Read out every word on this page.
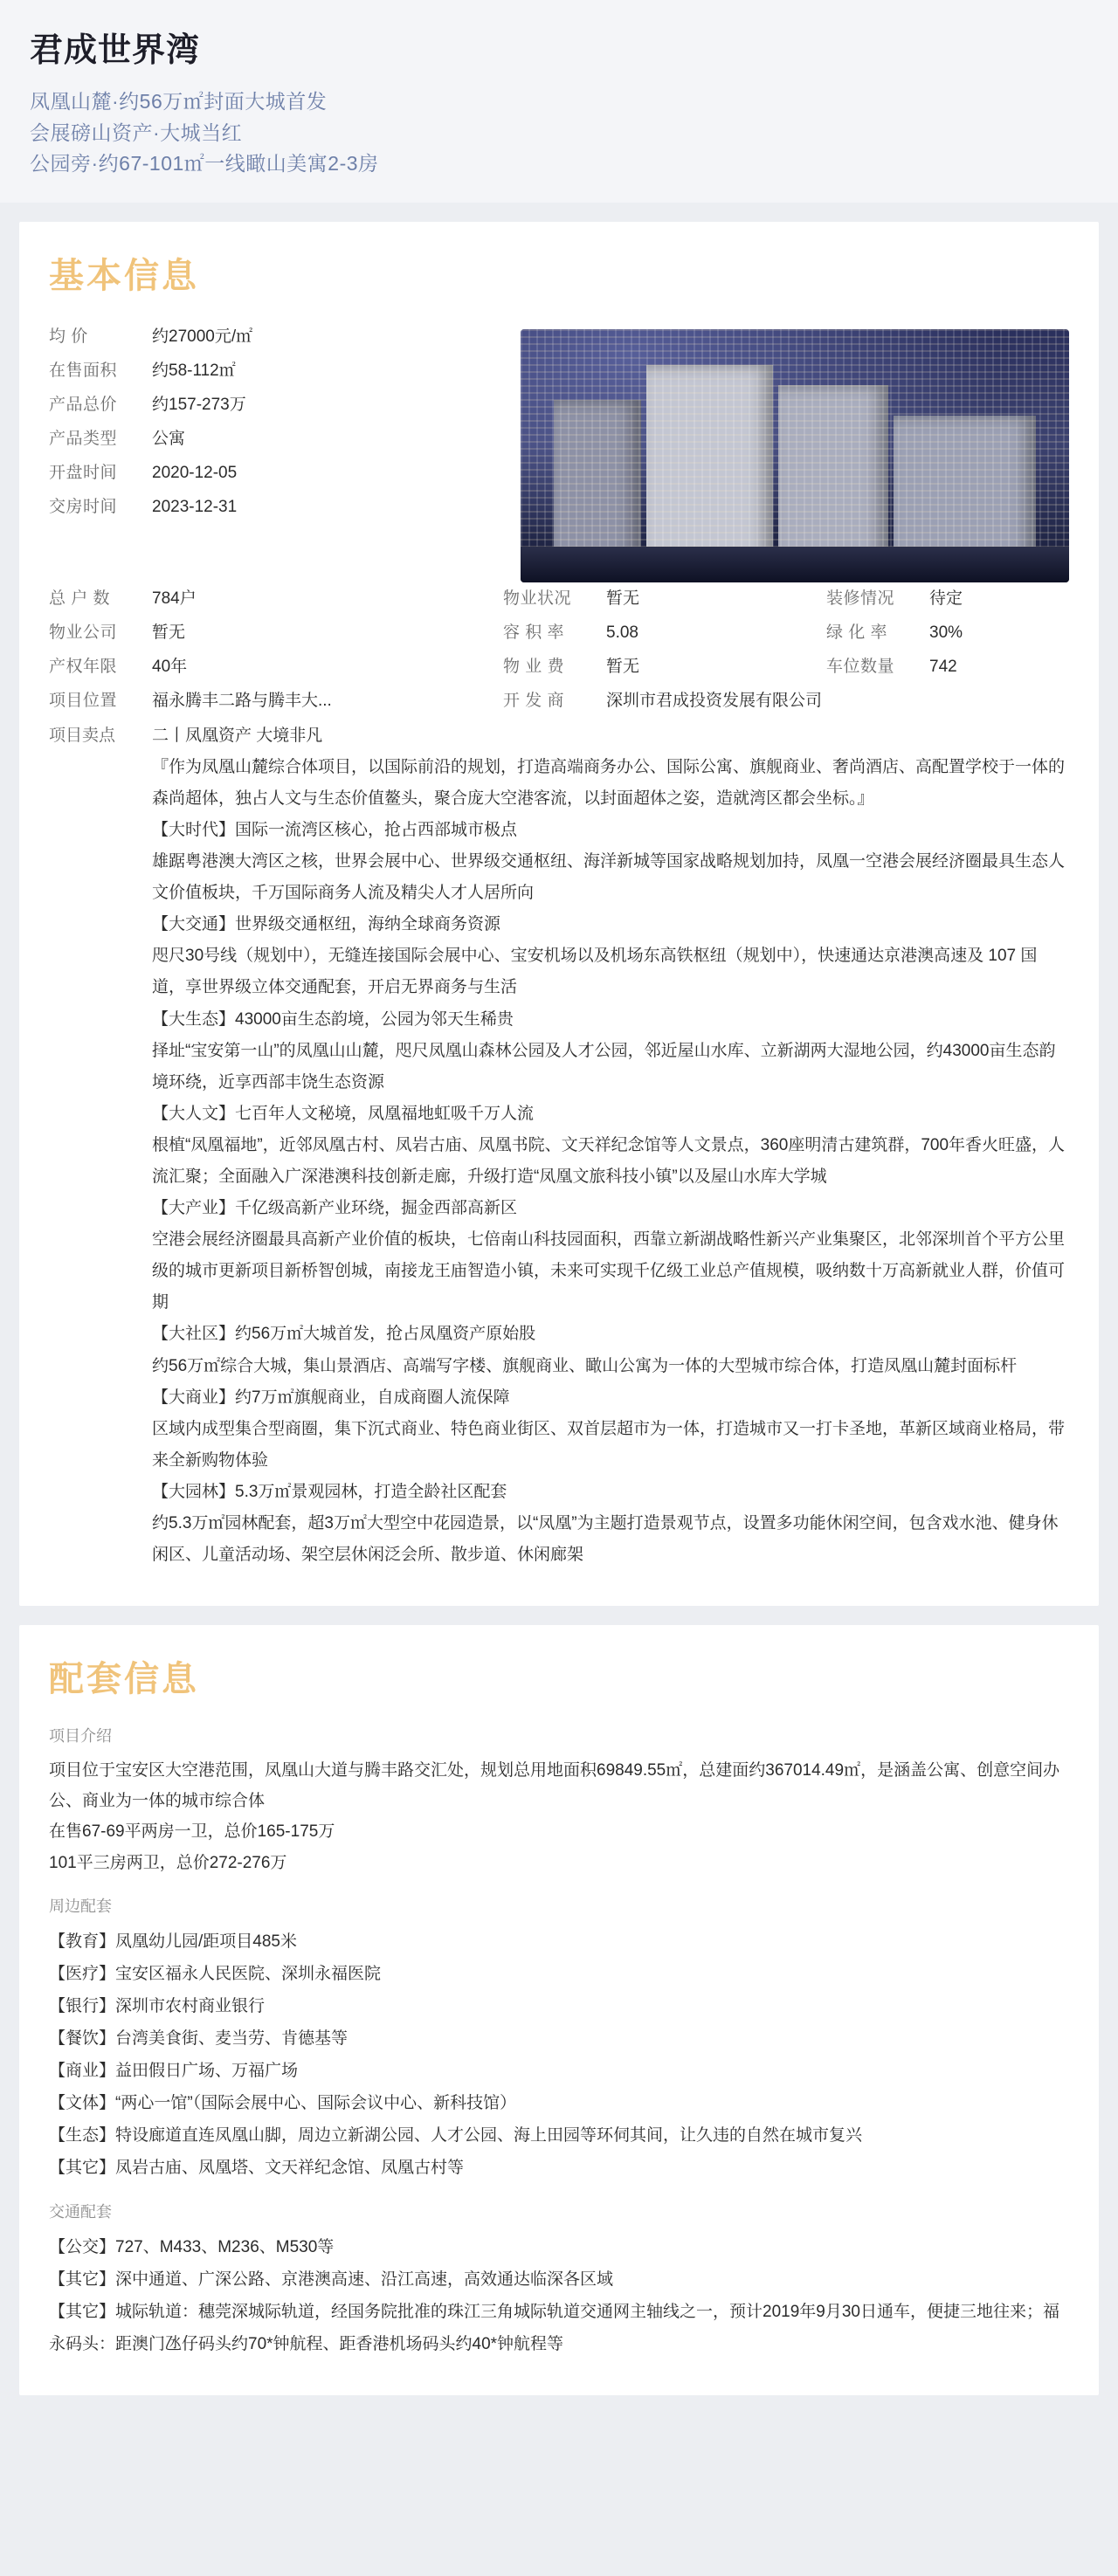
君成世界湾
凤凰山麓·约56万㎡封面大城首发
会展磅山资产·大城当红
公园旁·约67-101㎡一线瞰山美寓2-3房
基本信息
均 价	约27000元/㎡
在售面积	约58-112㎡
产品总价	约157-273万
产品类型	公寓
开盘时间	2020-12-05
交房时间	2023-12-31
总 户 数	784户	物业状况	暂无	装修情况	待定
物业公司	暂无	容 积 率	5.08	绿 化 率	30%
产权年限	40年	物 业 费	暂无	车位数量	742
项目位置	福永腾丰二路与腾丰大...	开 发 商	深圳市君成投资发展有限公司
项目卖点	二丨凤凰资产 大境非凡

『作为凤凰山麓综合体项目，以国际前沿的规划，打造高端商务办公、国际公寓、旗舰商业、奢尚酒店、高配置学校于一体的森尚超体，独占人文与生态价值鳌头，聚合庞大空港客流，以封面超体之姿，造就湾区都会坐标。』

【大时代】国际一流湾区核心，抢占西部城市极点

雄踞粤港澳大湾区之核，世界会展中心、世界级交通枢纽、海洋新城等国家战略规划加持，凤凰一空港会展经济圈最具生态人文价值板块，千万国际商务人流及精尖人才人居所向

【大交通】世界级交通枢纽，海纳全球商务资源

咫尺30号线（规划中），无缝连接国际会展中心、宝安机场以及机场东高铁枢纽（规划中），快速通达京港澳高速及 107 国道，享世界级立体交通配套，开启无界商务与生活

【大生态】43000亩生态韵境，公园为邻天生稀贵

择址“宝安第一山”的凤凰山山麓，咫尺凤凰山森林公园及人才公园，邻近屋山水库、立新湖两大湿地公园，约43000亩生态韵境环绕，近享西部丰饶生态资源

【大人文】七百年人文秘境，凤凰福地虹吸千万人流

根植“凤凰福地”，近邻凤凰古村、凤岩古庙、凤凰书院、文天祥纪念馆等人文景点，360座明清古建筑群，700年香火旺盛，人流汇聚；全面融入广深港澳科技创新走廊，升级打造“凤凰文旅科技小镇”以及屋山水库大学城

【大产业】千亿级高新产业环绕，掘金西部高新区

空港会展经济圈最具高新产业价值的板块，七倍南山科技园面积，西靠立新湖战略性新兴产业集聚区，北邻深圳首个平方公里级的城市更新项目新桥智创城，南接龙王庙智造小镇，未来可实现千亿级工业总产值规模，吸纳数十万高新就业人群，价值可期

【大社区】约56万㎡大城首发，抢占凤凰资产原始股

约56万㎡综合大城，集山景酒店、高端写字楼、旗舰商业、瞰山公寓为一体的大型城市综合体，打造凤凰山麓封面标杆

【大商业】约7万㎡旗舰商业，自成商圈人流保障

区域内成型集合型商圈，集下沉式商业、特色商业街区、双首层超市为一体，打造城市又一打卡圣地，革新区域商业格局，带来全新购物体验

【大园林】5.3万㎡景观园林，打造全龄社区配套

约5.3万㎡园林配套，超3万㎡大型空中花园造景，以“凤凰”为主题打造景观节点，设置多功能休闲空间，包含戏水池、健身休闲区、儿童活动场、架空层休闲泛会所、散步道、休闲廊架

配套信息
项目介绍

项目位于宝安区大空港范围，凤凰山大道与腾丰路交汇处，规划总用地面积69849.55㎡，总建面约367014.49㎡，是涵盖公寓、创意空间办公、商业为一体的城市综合体

在售67-69平两房一卫，总价165-175万

101平三房两卫，总价272-276万

周边配套

【教育】凤凰幼儿园/距项目485米

【医疗】宝安区福永人民医院、深圳永福医院

【银行】深圳市农村商业银行

【餐饮】台湾美食街、麦当劳、肯德基等

【商业】益田假日广场、万福广场

【文体】“两心一馆”（国际会展中心、国际会议中心、新科技馆）

【生态】特设廊道直连凤凰山脚，周边立新湖公园、人才公园、海上田园等环伺其间，让久违的自然在城市复兴

【其它】凤岩古庙、凤凰塔、文天祥纪念馆、凤凰古村等

交通配套

【公交】727、M433、M236、M530等

【其它】深中通道、广深公路、京港澳高速、沿江高速，高效通达临深各区域

【其它】城际轨道：穗莞深城际轨道，经国务院批准的珠江三角城际轨道交通网主轴线之一，预计2019年9月30日通车，便捷三地往来；福永码头：距澳门氹仔码头约70*钟航程、距香港机场码头约40*钟航程等
